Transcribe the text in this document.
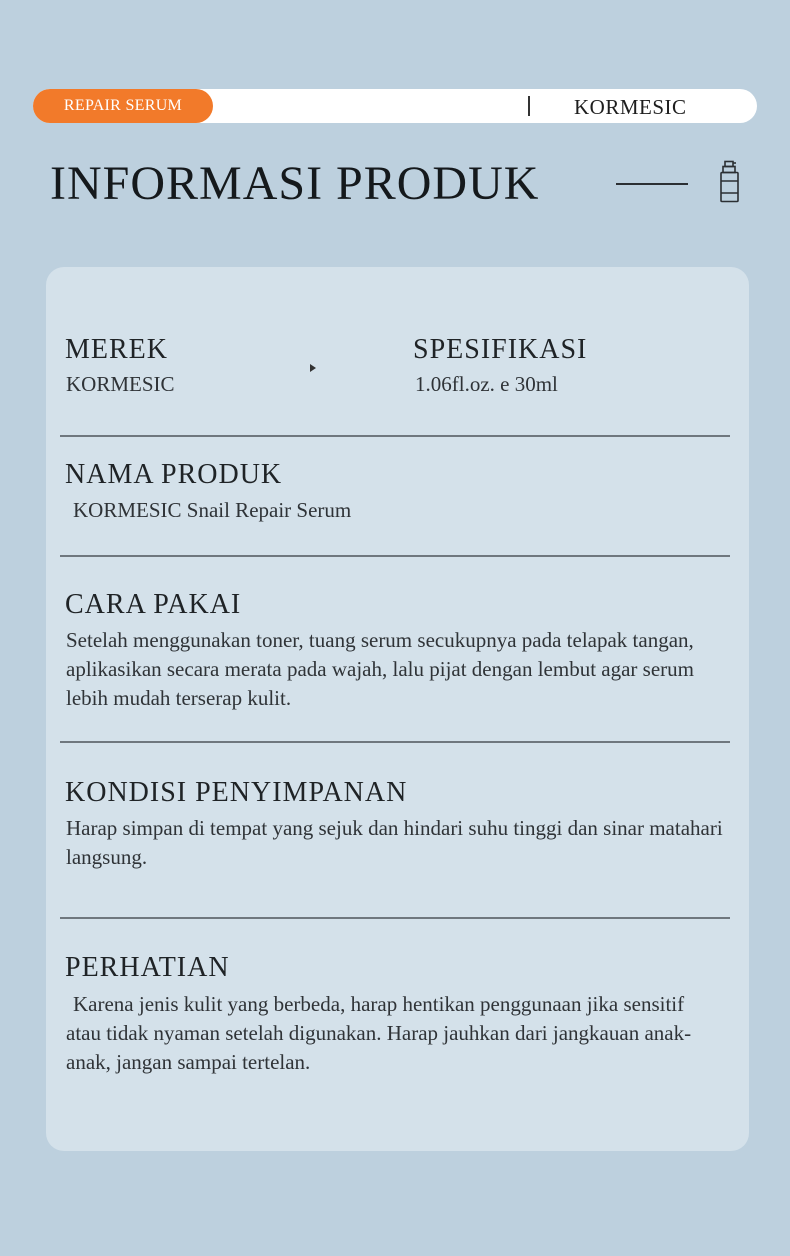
REPAIR SERUM	KORMESIC
INFORMASI PRODUK
MEREK
KORMESIC
SPESIFIKASI
1.06fl.oz. e 30ml
NAMA PRODUK
KORMESIC Snail Repair Serum
CARA PAKAI
Setelah menggunakan toner, tuang serum secukupnya pada telapak tangan, aplikasikan secara merata pada wajah, lalu pijat dengan lembut agar serum lebih mudah terserap kulit.
KONDISI PENYIMPANAN
Harap simpan di tempat yang sejuk dan hindari suhu tinggi dan sinar matahari langsung.
PERHATIAN
Karena jenis kulit yang berbeda, harap hentikan penggunaan jika sensitif atau tidak nyaman setelah digunakan. Harap jauhkan dari jangkauan anak-anak, jangan sampai tertelan.
